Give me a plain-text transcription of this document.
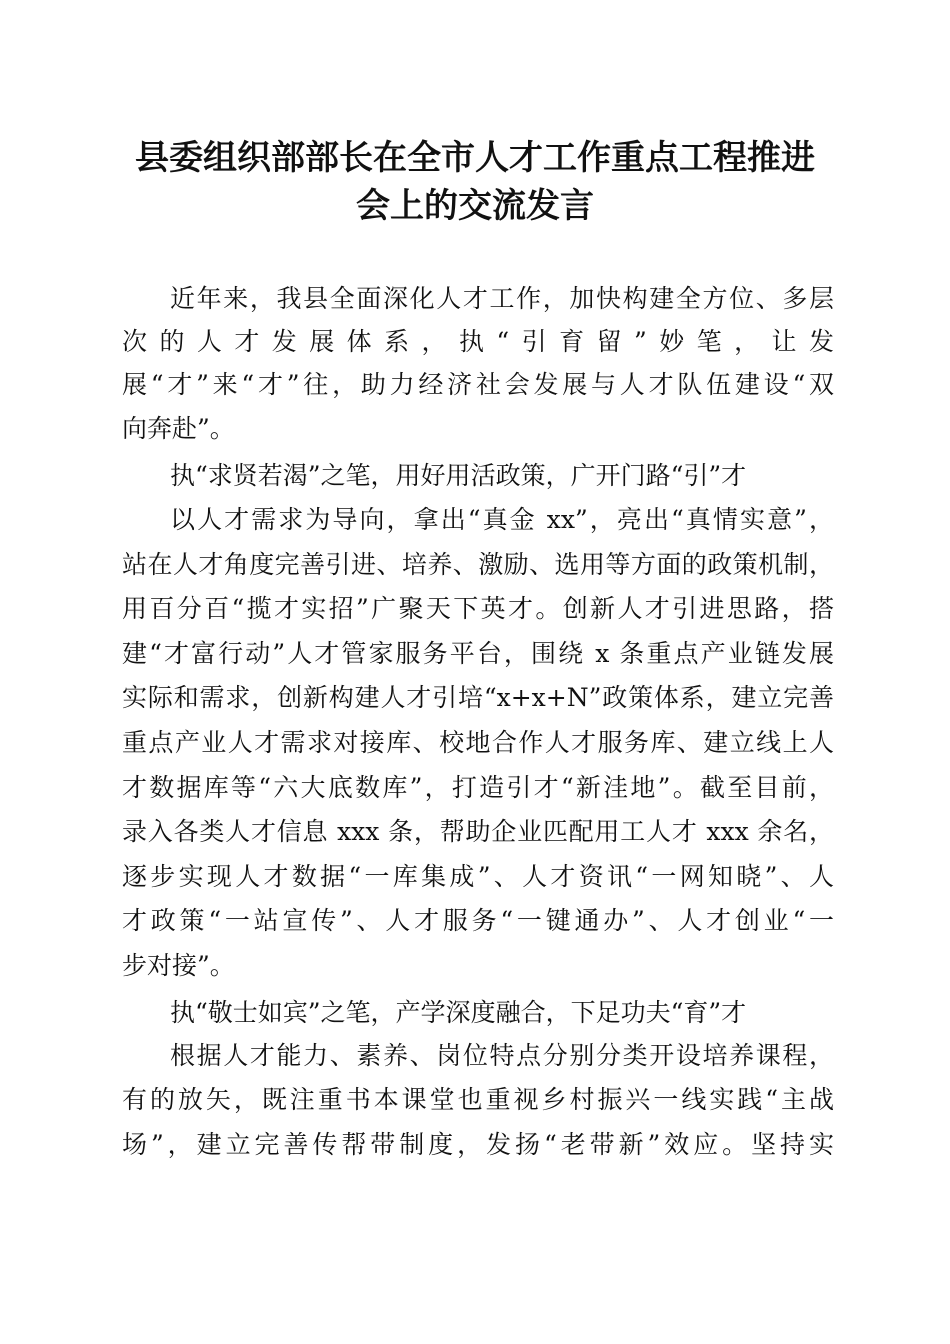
县委组织部部长在全市人才工作重点工程推进
会上的交流发言
近年来，我县全面深化人才工作，加快构建全方位、多层
次的人才发展体系，执“引育留”妙笔，让发
展“才”来“才”往，助力经济社会发展与人才队伍建设“双
向奔赴”。
执“求贤若渴”之笔，用好用活政策，广开门路“引”才
以人才需求为导向，拿出“真金 xx”，亮出“真情实意”，
站在人才角度完善引进、培养、激励、选用等方面的政策机制，
用百分百“揽才实招”广聚天下英才。创新人才引进思路，搭
建“才富行动”人才管家服务平台，围绕 x 条重点产业链发展
实际和需求，创新构建人才引培“x+x+N”政策体系，建立完善
重点产业人才需求对接库、校地合作人才服务库、建立线上人
才数据库等“六大底数库”，打造引才“新洼地”。截至目前，
录入各类人才信息 xxx 条，帮助企业匹配用工人才 xxx 余名，
逐步实现人才数据“一库集成”、人才资讯“一网知晓”、人
才政策“一站宣传”、人才服务“一键通办”、人才创业“一
步对接”。
执“敬士如宾”之笔，产学深度融合，下足功夫“育”才
根据人才能力、素养、岗位特点分别分类开设培养课程，
有的放矢，既注重书本课堂也重视乡村振兴一线实践“主战
场”，建立完善传帮带制度，发扬“老带新”效应。坚持实
